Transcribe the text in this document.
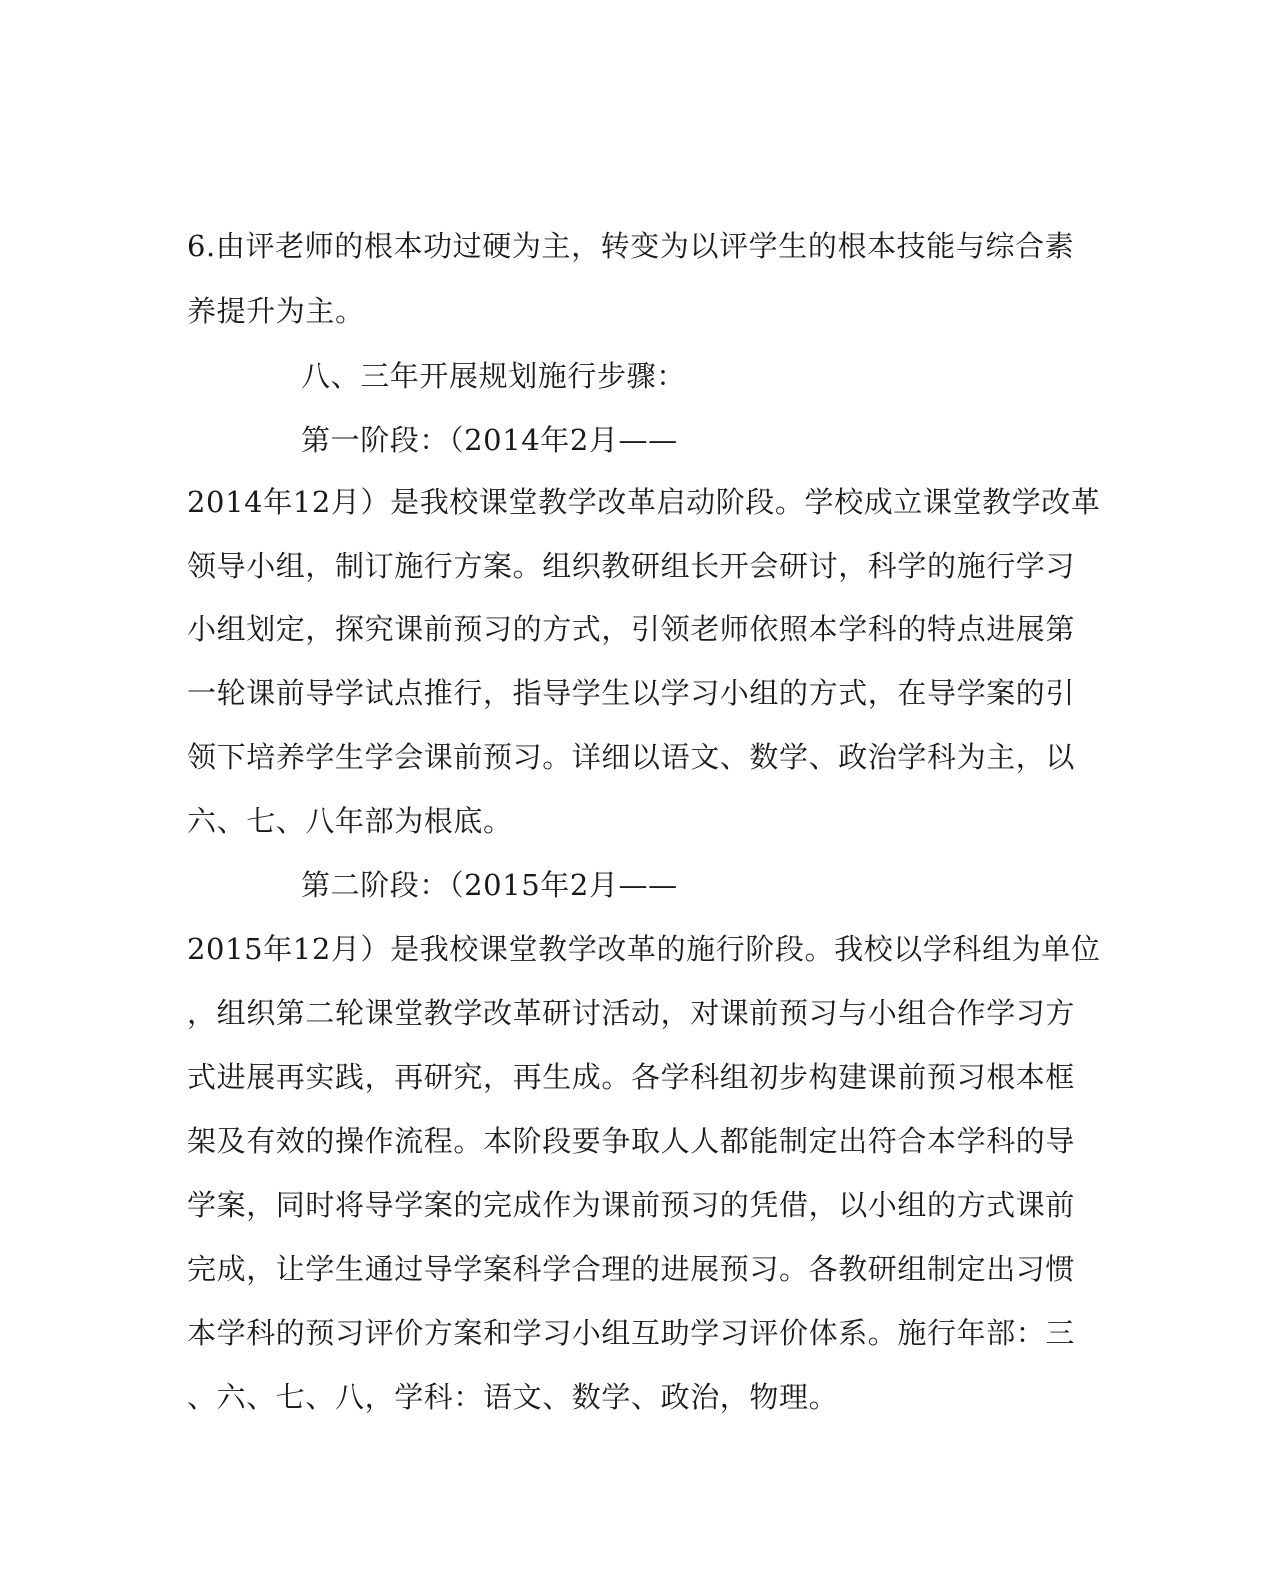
6.由评老师的根本功过硬为主，转变为以评学生的根本技能与综合素
养提升为主。
八、三年开展规划施行步骤：
第一阶段：（2014年2月——
2014年12月）是我校课堂教学改革启动阶段。学校成立课堂教学改革
领导小组，制订施行方案。组织教研组长开会研讨，科学的施行学习
小组划定，探究课前预习的方式，引领老师依照本学科的特点进展第
一轮课前导学试点推行，指导学生以学习小组的方式，在导学案的引
领下培养学生学会课前预习。详细以语文、数学、政治学科为主，以
六、七、八年部为根底。
第二阶段：（2015年2月——
2015年12月）是我校课堂教学改革的施行阶段。我校以学科组为单位
，组织第二轮课堂教学改革研讨活动，对课前预习与小组合作学习方
式进展再实践，再研究，再生成。各学科组初步构建课前预习根本框
架及有效的操作流程。本阶段要争取人人都能制定出符合本学科的导
学案，同时将导学案的完成作为课前预习的凭借，以小组的方式课前
完成，让学生通过导学案科学合理的进展预习。各教研组制定出习惯
本学科的预习评价方案和学习小组互助学习评价体系。施行年部：三
、六、七、八，学科：语文、数学、政治，物理。
